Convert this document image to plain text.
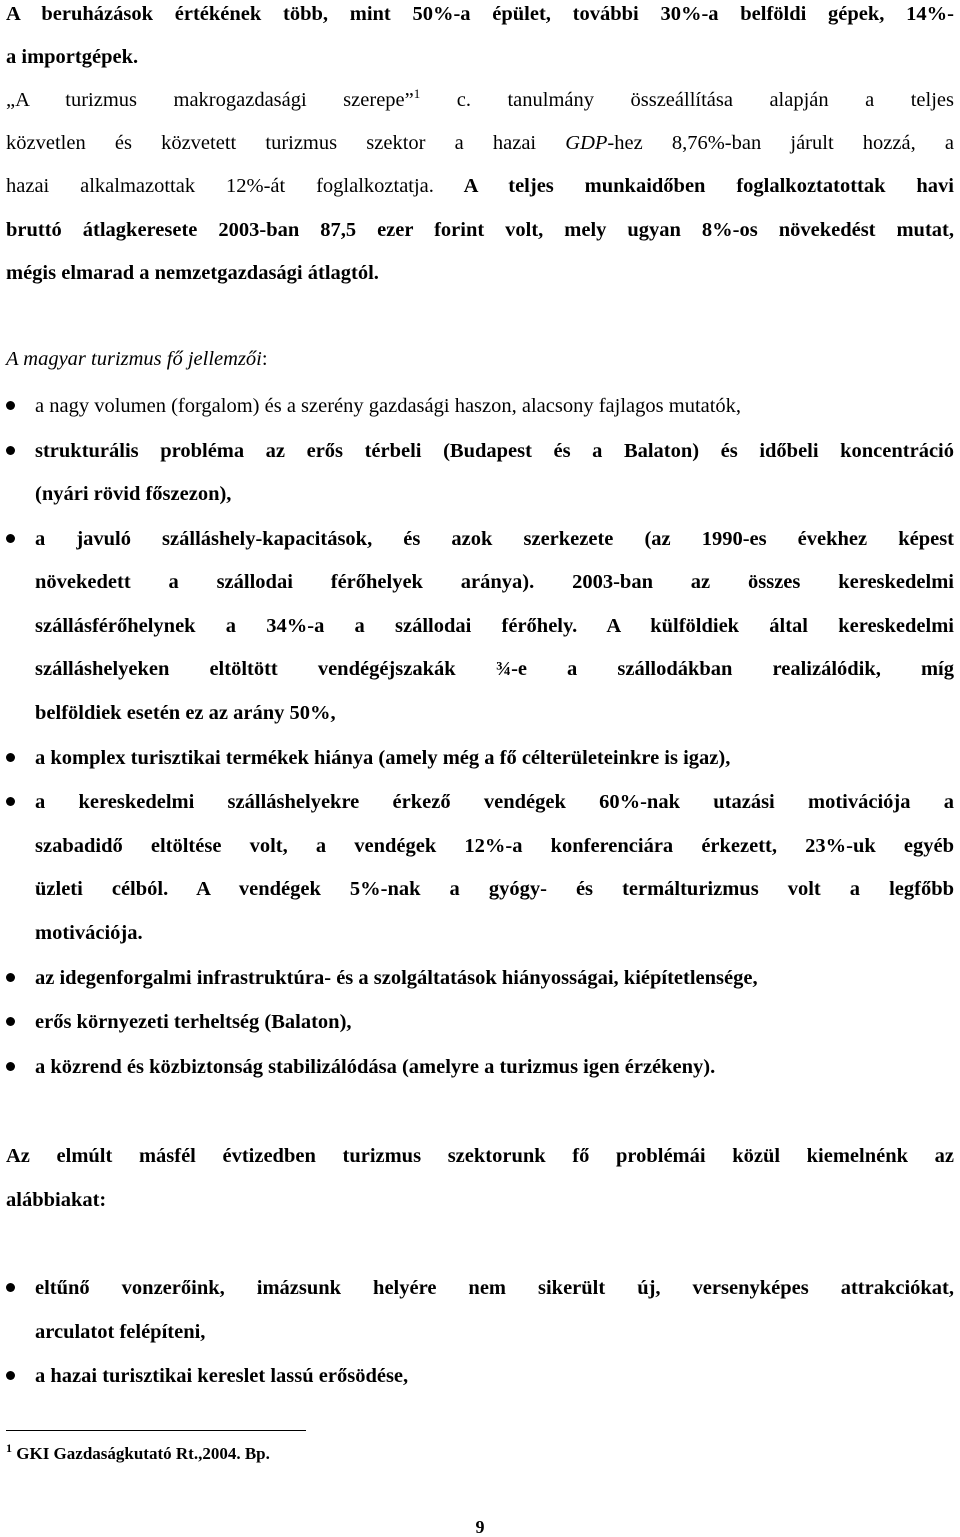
A beruházások értékének több, mint 50%-a épület, további 30%-a belföldi gépek, 14%-
a importgépek.
„A turizmus makrogazdasági szerepe”$^1$ c. tanulmány összeállítása alapján a teljes
közvetlen és közvetett turizmus szektor a hazai GDP-hez 8,76%-ban járult hozzá, a
hazai alkalmazottak 12%-át foglalkoztatja. A teljes munkaidőben foglalkoztatottak havi
bruttó átlagkeresete 2003-ban 87,5 ezer forint volt, mely ugyan 8%-os növekedést mutat,
mégis elmarad a nemzetgazdasági átlagtól.
A magyar turizmus fő jellemzői:
a nagy volumen (forgalom) és a szerény gazdasági haszon, alacsony fajlagos mutatók,
strukturális probléma az erős térbeli (Budapest és a Balaton) és időbeli koncentráció
(nyári rövid főszezon),
a javuló szálláshely-kapacitások, és azok szerkezete (az 1990-es évekhez képest
növekedett a szállodai férőhelyek aránya). 2003-ban az összes kereskedelmi
szállásférőhelynek a 34%-a a szállodai férőhely. A külföldiek által kereskedelmi
szálláshelyeken eltöltött vendégéjszakák ¾-e a szállodákban realizálódik, míg
belföldiek esetén ez az arány 50%,
a komplex turisztikai termékek hiánya (amely még a fő célterületeinkre is igaz),
a kereskedelmi szálláshelyekre érkező vendégek 60%-nak utazási motivációja a
szabadidő eltöltése volt, a vendégek 12%-a konferenciára érkezett, 23%-uk egyéb
üzleti célból. A vendégek 5%-nak a gyógy- és termálturizmus volt a legfőbb
motivációja.
az idegenforgalmi infrastruktúra- és a szolgáltatások hiányosságai, kiépítetlensége,
erős környezeti terheltség (Balaton),
a közrend és közbiztonság stabilizálódása (amelyre a turizmus igen érzékeny).
Az elmúlt másfél évtizedben turizmus szektorunk fő problémái közül kiemelnénk az
alábbiakat:
eltűnő vonzerőink, imázsunk helyére nem sikerült új, versenyképes attrakciókat,
arculatot felépíteni,
a hazai turisztikai kereslet lassú erősödése,
$^1$ GKI Gazdaságkutató Rt.,2004. Bp.
9
